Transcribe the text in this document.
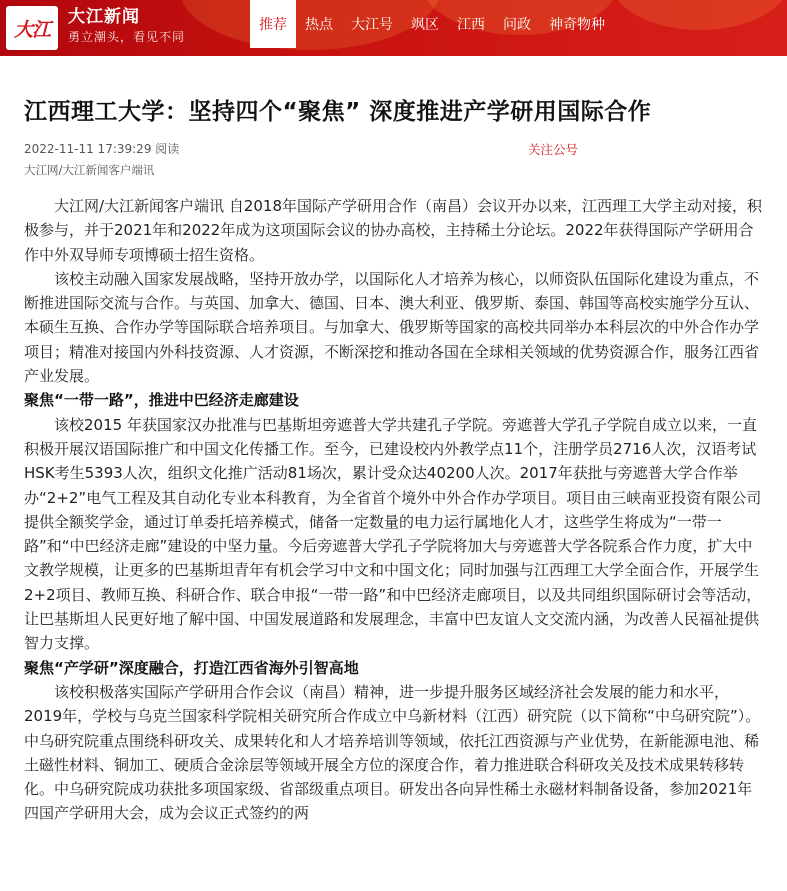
大江
大江新闻
勇立潮头，看见不同
推荐	热点	大江号	飒区	江西	问政	神奇物种
江西理工大学：坚持四个“聚焦” 深度推进产学研用国际合作
2022-11-11 17:39:29 阅读	关注公号
大江网/大江新闻客户端讯

大江网/大江新闻客户端讯 自2018年国际产学研用合作（南昌）会议开办以来，江西理工大学主动对接，积极参与，并于2021年和2022年成为这项国际会议的协办高校，主持稀土分论坛。2022年获得国际产学研用合作中外双导师专项博硕士招生资格。

该校主动融入国家发展战略，坚持开放办学，以国际化人才培养为核心，以师资队伍国际化建设为重点，不断推进国际交流与合作。与英国、加拿大、德国、日本、澳大利亚、俄罗斯、泰国、韩国等高校实施学分互认、本硕生互换、合作办学等国际联合培养项目。与加拿大、俄罗斯等国家的高校共同举办本科层次的中外合作办学项目；精准对接国内外科技资源、人才资源，不断深挖和推动各国在全球相关领域的优势资源合作，服务江西省产业发展。

聚焦“一带一路”，推进中巴经济走廊建设

该校2015 年获国家汉办批准与巴基斯坦旁遮普大学共建孔子学院。旁遮普大学孔子学院自成立以来，一直积极开展汉语国际推广和中国文化传播工作。至今，已建设校内外教学点11个，注册学员2716人次，汉语考试HSK考生5393人次，组织文化推广活动81场次，累计受众达40200人次。2017年获批与旁遮普大学合作举办“2+2”电气工程及其自动化专业本科教育，为全省首个境外中外合作办学项目。项目由三峡南亚投资有限公司提供全额奖学金，通过订单委托培养模式，储备一定数量的电力运行属地化人才，这些学生将成为“一带一路”和“中巴经济走廊”建设的中坚力量。今后旁遮普大学孔子学院将加大与旁遮普大学各院系合作力度，扩大中文教学规模，让更多的巴基斯坦青年有机会学习中文和中国文化；同时加强与江西理工大学全面合作，开展学生2+2项目、教师互换、科研合作、联合申报“一带一路”和中巴经济走廊项目，以及共同组织国际研讨会等活动，让巴基斯坦人民更好地了解中国、中国发展道路和发展理念，丰富中巴友谊人文交流内涵，为改善人民福祉提供智力支撑。

聚焦“产学研”深度融合，打造江西省海外引智高地

该校积极落实国际产学研用合作会议（南昌）精神，进一步提升服务区域经济社会发展的能力和水平，2019年，学校与乌克兰国家科学院相关研究所合作成立中乌新材料（江西）研究院（以下简称“中乌研究院”）。中乌研究院重点围绕科研攻关、成果转化和人才培养培训等领域，依托江西资源与产业优势，在新能源电池、稀土磁性材料、铜加工、硬质合金涂层等领域开展全方位的深度合作，着力推进联合科研攻关及技术成果转移转化。中乌研究院成功获批多项国家级、省部级重点项目。研发出各向异性稀土永磁材料制备设备，参加2021年四国产学研用大会，成为会议正式签约的两
